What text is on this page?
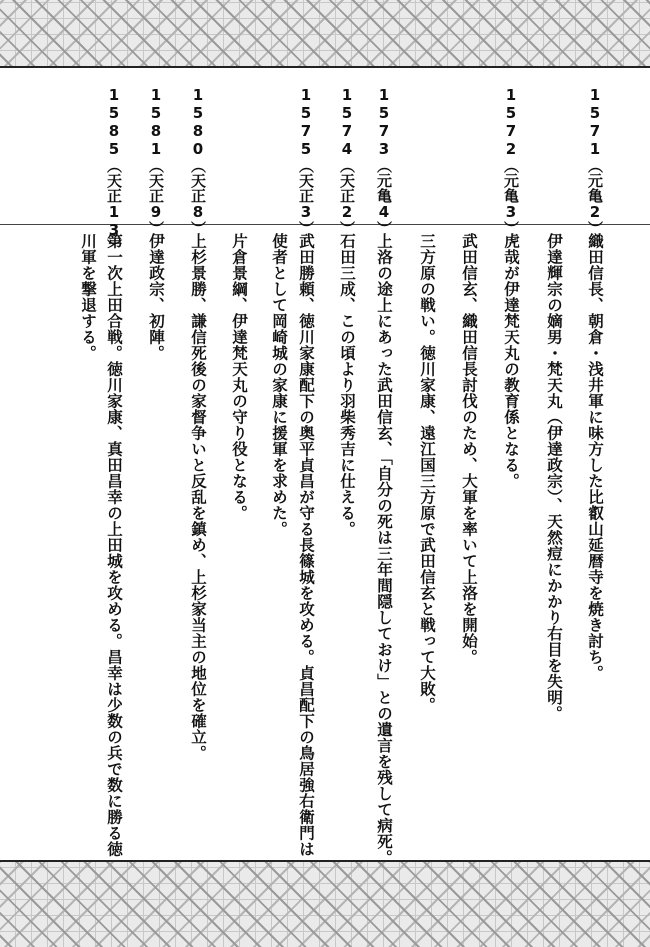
1571（元亀2）
1572（元亀3）
1573（元亀4）
1574（天正2）
1575（天正3）
1580（天正8）
1581（天正9）
1585（天正13）
織田信長、朝倉・浅井軍に味方した比叡山延暦寺を焼き討ち。
伊達輝宗の嫡男・梵天丸（伊達政宗）、天然痘にかかり右目を失明。
虎哉が伊達梵天丸の教育係となる。
武田信玄、織田信長討伐のため、大軍を率いて上洛を開始。
三方原の戦い。徳川家康、遠江国三方原で武田信玄と戦って大敗。
上洛の途上にあった武田信玄、「自分の死は三年間隠しておけ」との遺言を残して病死。
石田三成、この頃より羽柴秀吉に仕える。
武田勝頼、徳川家康配下の奥平貞昌が守る長篠城を攻める。貞昌配下の鳥居強右衛門は
使者として岡崎城の家康に援軍を求めた。
片倉景綱、伊達梵天丸の守り役となる。
上杉景勝、謙信死後の家督争いと反乱を鎮め、上杉家当主の地位を確立。
伊達政宗、初陣。
第一次上田合戦。徳川家康、真田昌幸の上田城を攻める。昌幸は少数の兵で数に勝る徳
川軍を撃退する。
